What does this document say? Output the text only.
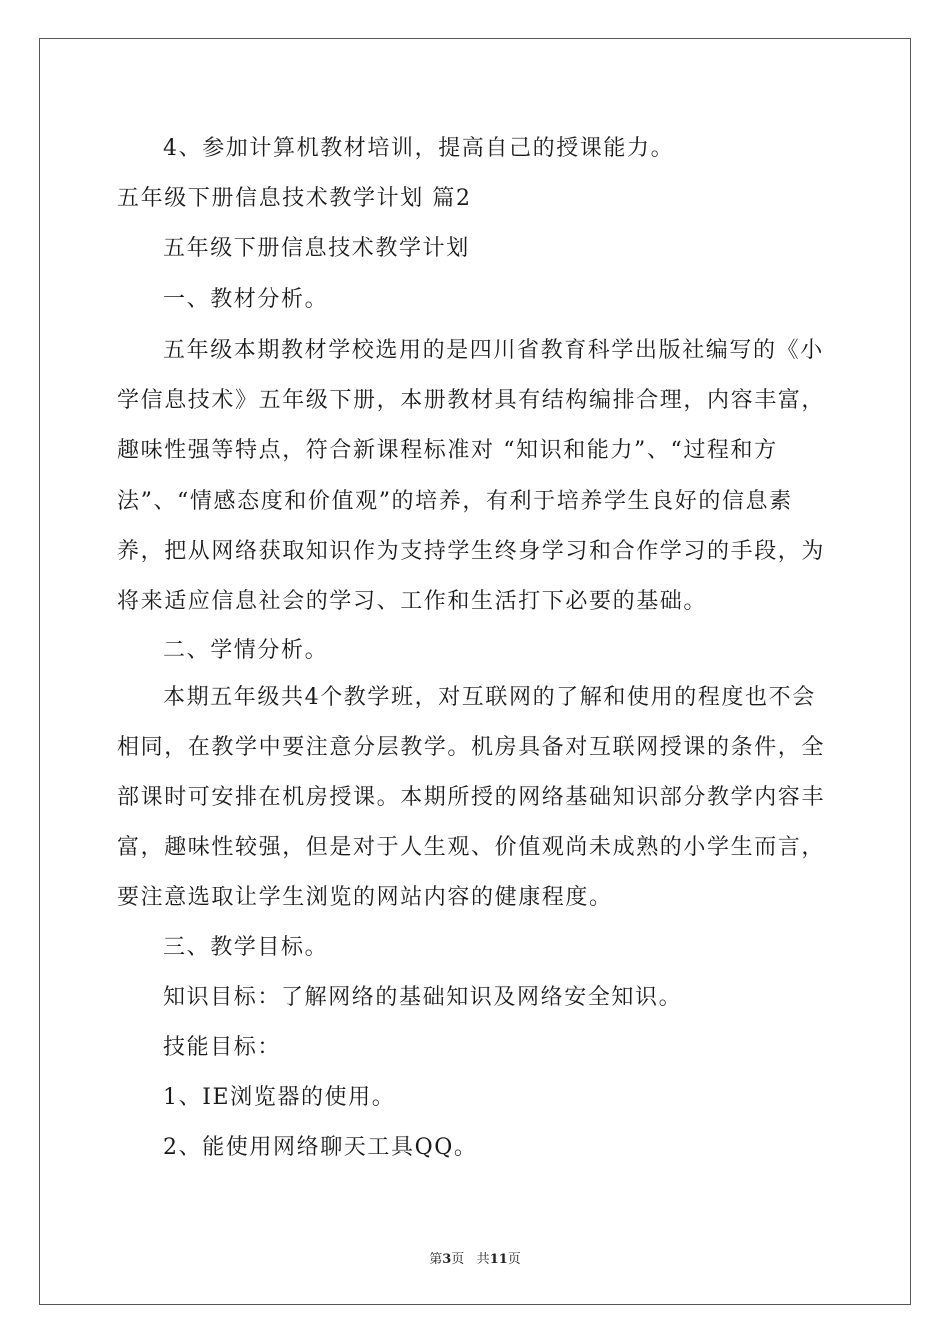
4、参加计算机教材培训，提高自己的授课能力。
五年级下册信息技术教学计划 篇2
五年级下册信息技术教学计划
一、教材分析。
五年级本期教材学校选用的是四川省教育科学出版社编写的《小
学信息技术》五年级下册，本册教材具有结构编排合理，内容丰富，
趣味性强等特点，符合新课程标准对 “知识和能力”、“过程和方
法”、“情感态度和价值观”的培养，有利于培养学生良好的信息素
养，把从网络获取知识作为支持学生终身学习和合作学习的手段，为
将来适应信息社会的学习、工作和生活打下必要的基础。
二、学情分析。
本期五年级共4个教学班，对互联网的了解和使用的程度也不会
相同，在教学中要注意分层教学。机房具备对互联网授课的条件，全
部课时可安排在机房授课。本期所授的网络基础知识部分教学内容丰
富，趣味性较强，但是对于人生观、价值观尚未成熟的小学生而言，
要注意选取让学生浏览的网站内容的健康程度。
三、教学目标。
知识目标：了解网络的基础知识及网络安全知识。
技能目标：
1、IE浏览器的使用。
2、能使用网络聊天工具QQ。
第3页 共11页
